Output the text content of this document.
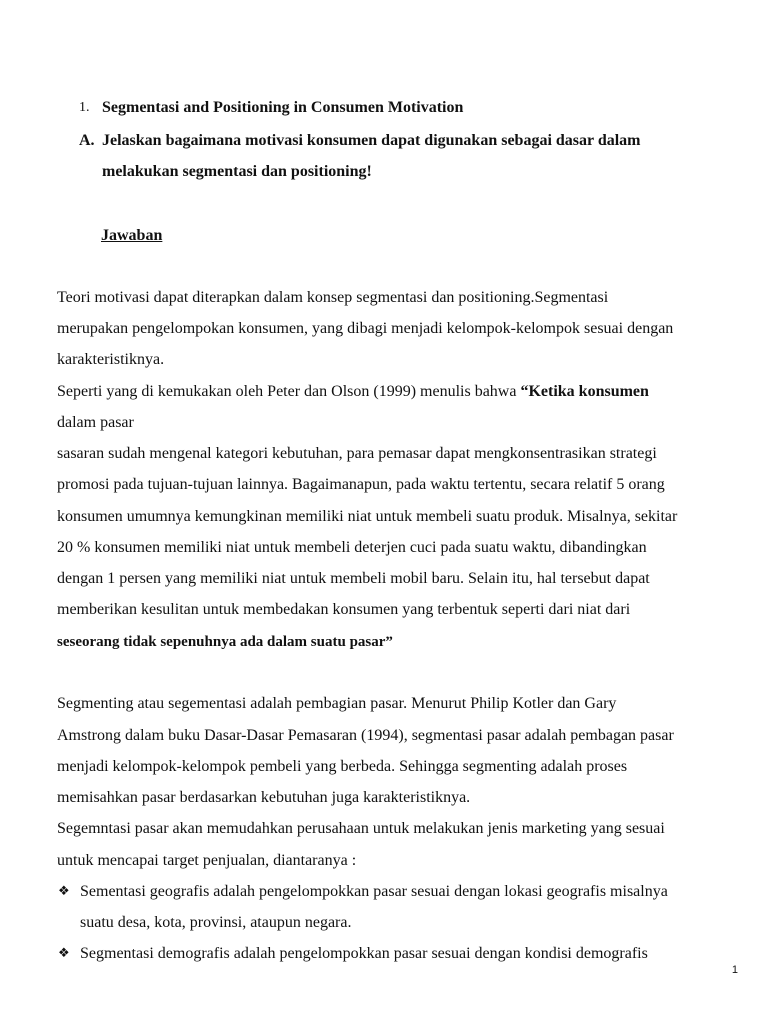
1. Segmentasi and Positioning in Consumen Motivation
A. Jelaskan bagaimana motivasi konsumen dapat digunakan sebagai dasar dalam
melakukan segmentasi dan positioning!
Jawaban
Teori motivasi dapat diterapkan dalam konsep segmentasi dan positioning.Segmentasi
merupakan pengelompokan konsumen, yang dibagi menjadi kelompok-kelompok sesuai dengan
karakteristiknya.
Seperti yang di kemukakan oleh Peter dan Olson (1999) menulis bahwa “Ketika konsumen
dalam pasar
sasaran sudah mengenal kategori kebutuhan, para pemasar dapat mengkonsentrasikan strategi
promosi pada tujuan-tujuan lainnya. Bagaimanapun, pada waktu tertentu, secara relatif 5 orang
konsumen umumnya kemungkinan memiliki niat untuk membeli suatu produk. Misalnya, sekitar
20 % konsumen memiliki niat untuk membeli deterjen cuci pada suatu waktu, dibandingkan
dengan 1 persen yang memiliki niat untuk membeli mobil baru. Selain itu, hal tersebut dapat
memberikan kesulitan untuk membedakan konsumen yang terbentuk seperti dari niat dari
seseorang tidak sepenuhnya ada dalam suatu pasar”
Segmenting atau segementasi adalah pembagian pasar. Menurut Philip Kotler dan Gary
Amstrong dalam buku Dasar-Dasar Pemasaran (1994), segmentasi pasar adalah pembagan pasar
menjadi kelompok-kelompok pembeli yang berbeda. Sehingga segmenting adalah proses
memisahkan pasar berdasarkan kebutuhan juga karakteristiknya.
Segemntasi pasar akan memudahkan perusahaan untuk melakukan jenis marketing yang sesuai
untuk mencapai target penjualan, diantaranya :
❖ Sementasi geografis adalah pengelompokkan pasar sesuai dengan lokasi geografis misalnya
suatu desa, kota, provinsi, ataupun negara.
❖ Segmentasi demografis adalah pengelompokkan pasar sesuai dengan kondisi demografis
1
